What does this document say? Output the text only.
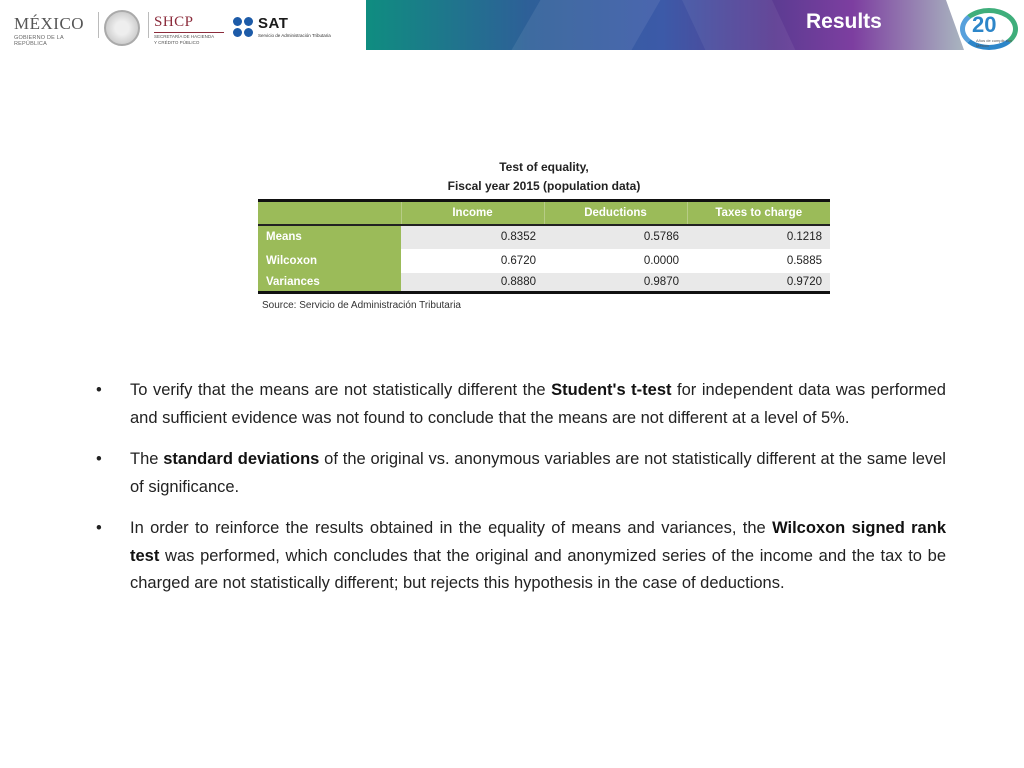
MÉXICO
GOBIERNO DE LA REPÚBLICA
SHCP
SECRETARÍA DE HACIENDA
Y CRÉDITO PÚBLICO
SAT
Servicio de Administración Tributaria
Results	20
Años de cumplir con México
Test of equality,
Fiscal year 2015 (population data)
	Income	Deductions	Taxes to charge
Means	0.8352	0.5786	0.1218
Wilcoxon	0.6720	0.0000	0.5885
Variances	0.8880	0.9870	0.9720
Source: Servicio de Administración Tributaria
• To verify that the means are not statistically different the Student's t-test for independent data was performed and sufficient evidence was not found to conclude that the means are not different at a level of 5%.
• The standard deviations of the original vs. anonymous variables are not statistically different at the same level of significance.
• In order to reinforce the results obtained in the equality of means and variances, the Wilcoxon signed rank test was performed, which concludes that the original and anonymized series of the income and the tax to be charged are not statistically different; but rejects this hypothesis in the case of deductions.
